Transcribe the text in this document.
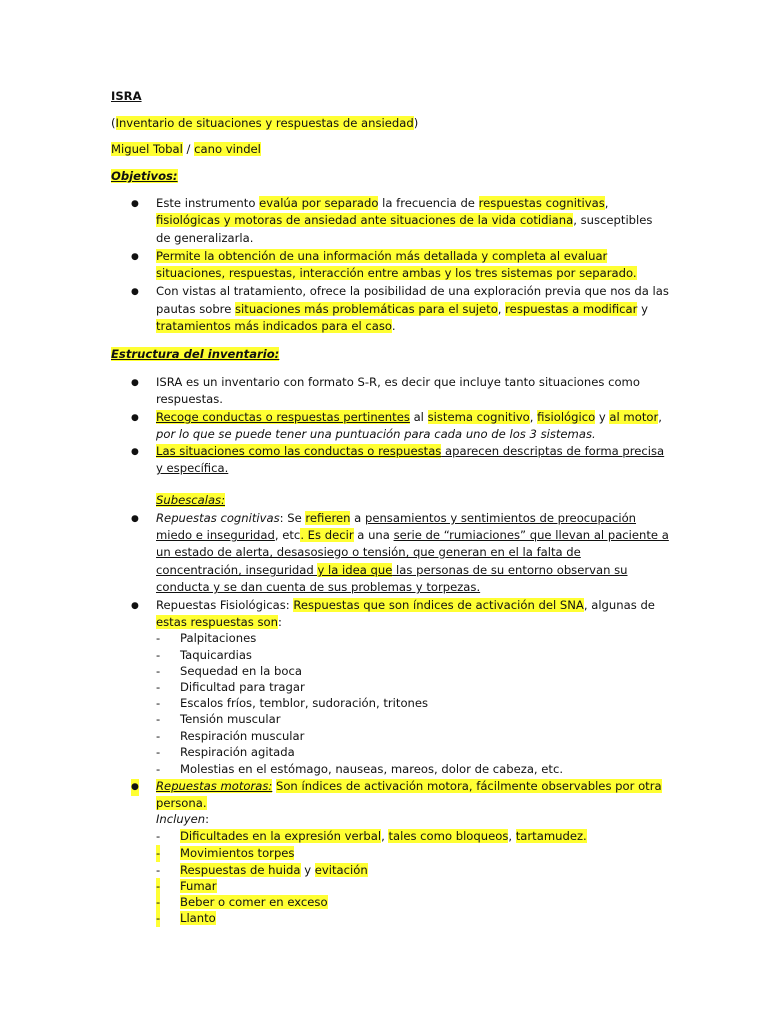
ISRA
(Inventario de situaciones y respuestas de ansiedad)
Miguel Tobal / cano vindel
Objetivos:
● Este instrumento evalúa por separado la frecuencia de respuestas cognitivas,
fisiológicas y motoras de ansiedad ante situaciones de la vida cotidiana, susceptibles
de generalizarla.
● Permite la obtención de una información más detallada y completa al evaluar
situaciones, respuestas, interacción entre ambas y los tres sistemas por separado.
● Con vistas al tratamiento, ofrece la posibilidad de una exploración previa que nos da las
pautas sobre situaciones más problemáticas para el sujeto, respuestas a modificar y
tratamientos más indicados para el caso.
Estructura del inventario:
● ISRA es un inventario con formato S-R, es decir que incluye tanto situaciones como
respuestas.
● Recoge conductas o respuestas pertinentes al sistema cognitivo, fisiológico y al motor,
por lo que se puede tener una puntuación para cada uno de los 3 sistemas.
● Las situaciones como las conductas o respuestas aparecen descriptas de forma precisa
y específica.
Subescalas:
● Repuestas cognitivas: Se refieren a pensamientos y sentimientos de preocupación
miedo e inseguridad, etc. Es decir a una serie de “rumiaciones” que llevan al paciente a
un estado de alerta, desasosiego o tensión, que generan en el la falta de
concentración, inseguridad y la idea que las personas de su entorno observan su
conducta y se dan cuenta de sus problemas y torpezas.
● Repuestas Fisiológicas: Respuestas que son índices de activación del SNA, algunas de
estas respuestas son:
- Palpitaciones
- Taquicardias
- Sequedad en la boca
- Dificultad para tragar
- Escalos fríos, temblor, sudoración, tritones
- Tensión muscular
- Respiración muscular
- Respiración agitada
- Molestias en el estómago, nauseas, mareos, dolor de cabeza, etc.
● Repuestas motoras: Son índices de activación motora, fácilmente observables por otra
persona.
Incluyen:
- Dificultades en la expresión verbal, tales como bloqueos, tartamudez.
- Movimientos torpes
- Respuestas de huida y evitación
- Fumar
- Beber o comer en exceso
- Llanto
